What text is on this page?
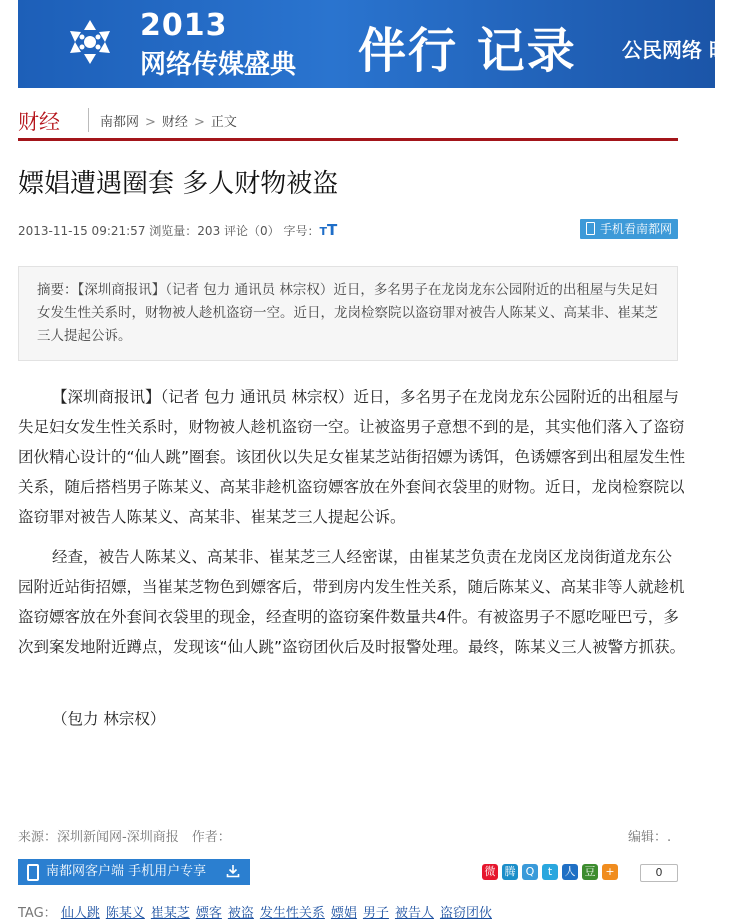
2013
网络传媒盛典 伴行 记录 公民网络 时
财经	南都网 > 财经 > 正文
嫖娼遭遇圈套 多人财物被盗
2013-11-15 09:21:57 浏览量：203 评论（0） 字号：TT	手机看南都网

摘要：【深圳商报讯】（记者 包力 通讯员 林宗权）近日，多名男子在龙岗龙东公园附近的出租屋与失足妇女发生性关系时，财物被人趁机盗窃一空。近日，龙岗检察院以盗窃罪对被告人陈某义、高某非、崔某芝三人提起公诉。

【深圳商报讯】（记者 包力 通讯员 林宗权）近日，多名男子在龙岗龙东公园附近的出租屋与失足妇女发生性关系时，财物被人趁机盗窃一空。让被盗男子意想不到的是，其实他们落入了盗窃团伙精心设计的“仙人跳”圈套。该团伙以失足女崔某芝站街招嫖为诱饵，色诱嫖客到出租屋发生性关系，随后搭档男子陈某义、高某非趁机盗窃嫖客放在外套间衣袋里的财物。近日，龙岗检察院以盗窃罪对被告人陈某义、高某非、崔某芝三人提起公诉。

经查，被告人陈某义、高某非、崔某芝三人经密谋，由崔某芝负责在龙岗区龙岗街道龙东公园附近站街招嫖，当崔某芝物色到嫖客后，带到房内发生性关系，随后陈某义、高某非等人就趁机盗窃嫖客放在外套间衣袋里的现金，经查明的盗窃案件数量共4件。有被盗男子不愿吃哑巴亏，多次到案发地附近蹲点，发现该“仙人跳”盗窃团伙后及时报警处理。最终，陈某义三人被警方抓获。

（包力 林宗权）

来源：深圳新闻网-深圳商报　作者：	编辑：.
南都网客户端 手机用户专享	微 腾 Q t 人 豆 +	0
TAG： 仙人跳 陈某义 崔某芝 嫖客 被盗 发生性关系 嫖娼 男子 被告人 盗窃团伙
